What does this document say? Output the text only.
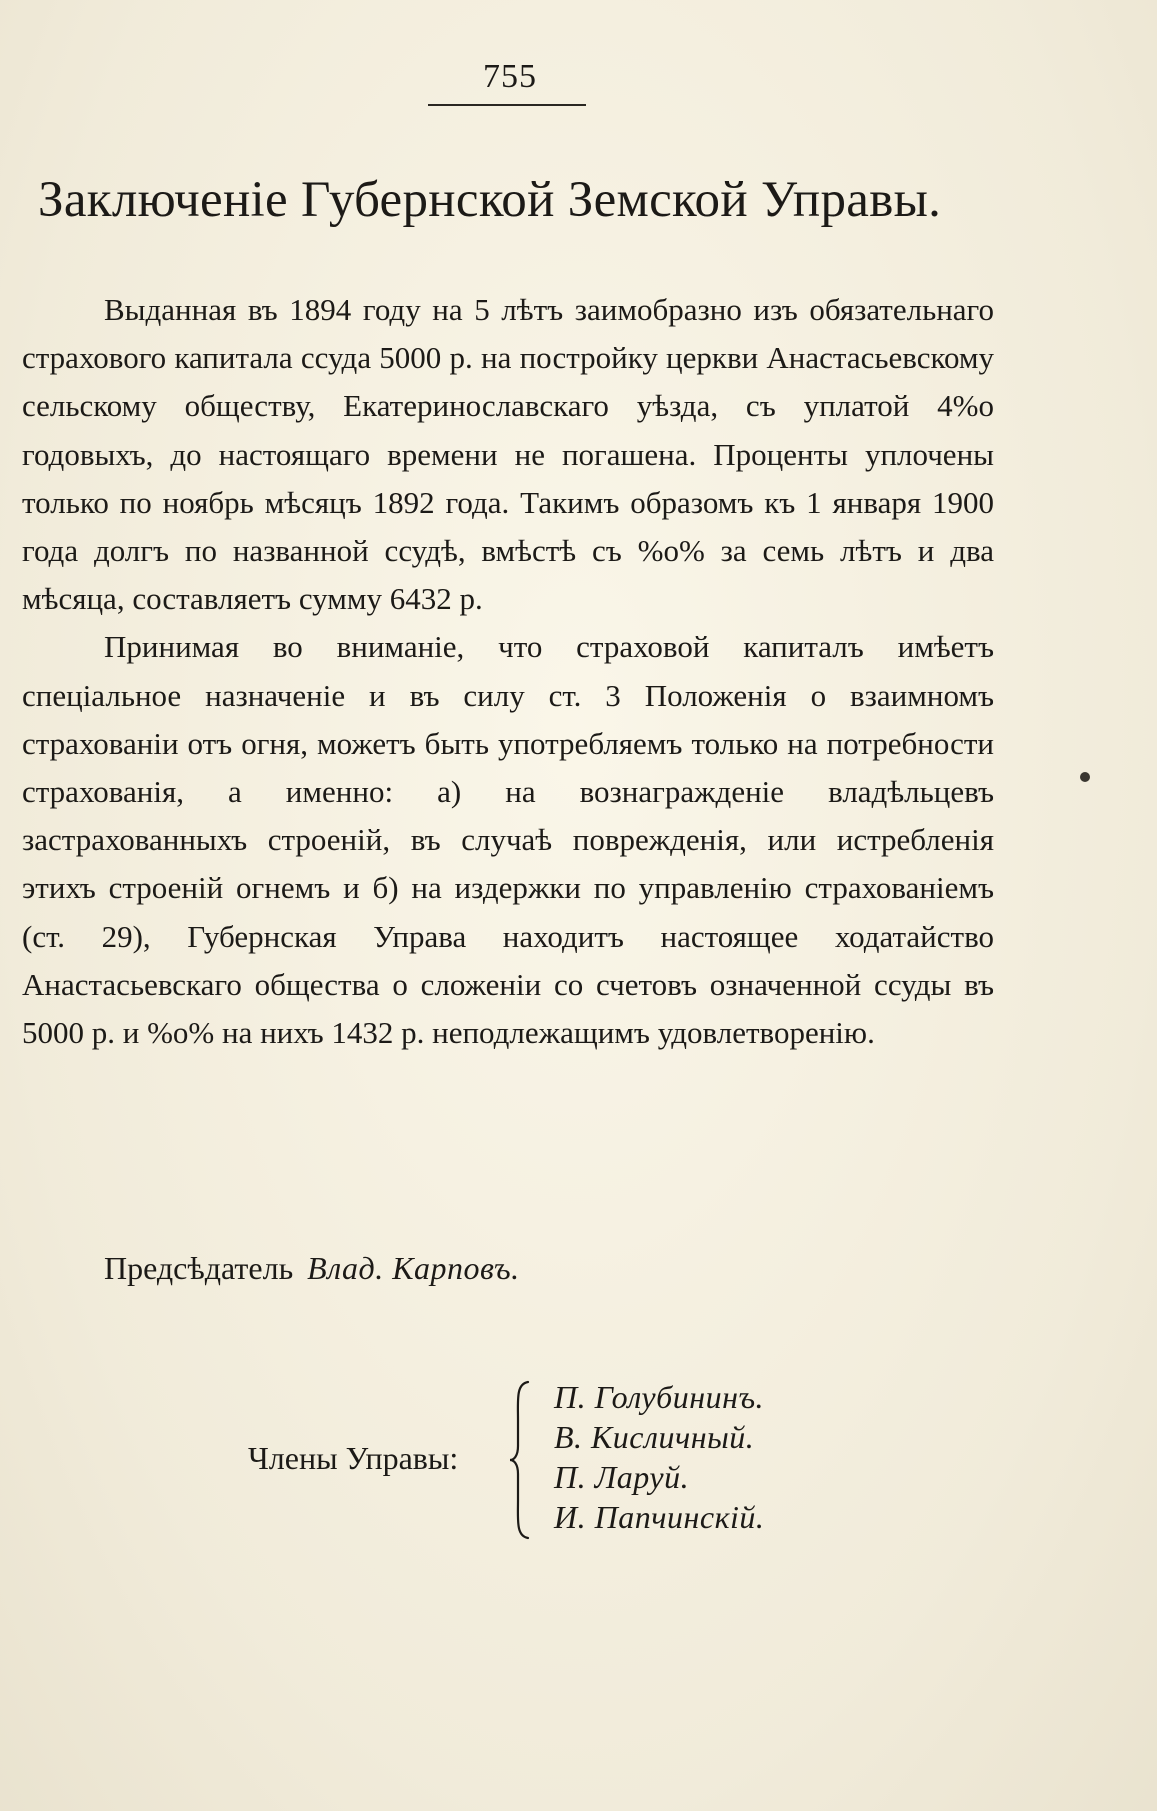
755
Заключенiе Губернской Земской Управы.

Выданная въ 1894 году на 5 лѣтъ заимобразно изъ обязательнаго страхового капитала ссуда 5000 р. на постройку церкви Анастасьевскому сельскому обществу, Екатеринославскаго уѣзда, съ уплатой 4%о годовыхъ, до настоящаго времени не погашена. Проценты уплочены только по ноябрь мѣсяцъ 1892 года. Такимъ образомъ къ 1 января 1900 года долгъ по названной ссудѣ, вмѣстѣ съ %о% за семь лѣтъ и два мѣсяца, составляетъ сумму 6432 р.

Принимая во вниманiе, что страховой капиталъ имѣетъ спецiальное назначенiе и въ силу ст. 3 Положенiя о взаимномъ страхованiи отъ огня, можетъ быть употребляемъ только на потребности страхованiя, а именно: а) на вознагражденiе владѣльцевъ застрахованныхъ строенiй, въ случаѣ поврежденiя, или истребленiя этихъ строенiй огнемъ и б) на издержки по управленiю страхованiемъ (ст. 29), Губернская Управа находитъ настоящее ходатайство Анастасьевскаго общества о сложенiи со счетовъ означенной ссуды въ 5000 р. и %о% на нихъ 1432 р. неподлежащимъ удовлетворенiю.

Предсѣдатель Влад. Карповъ.
Члены Управы:
П. Голубининъ.
В. Кисличный.
П. Ларуй.
И. Папчинскiй.
